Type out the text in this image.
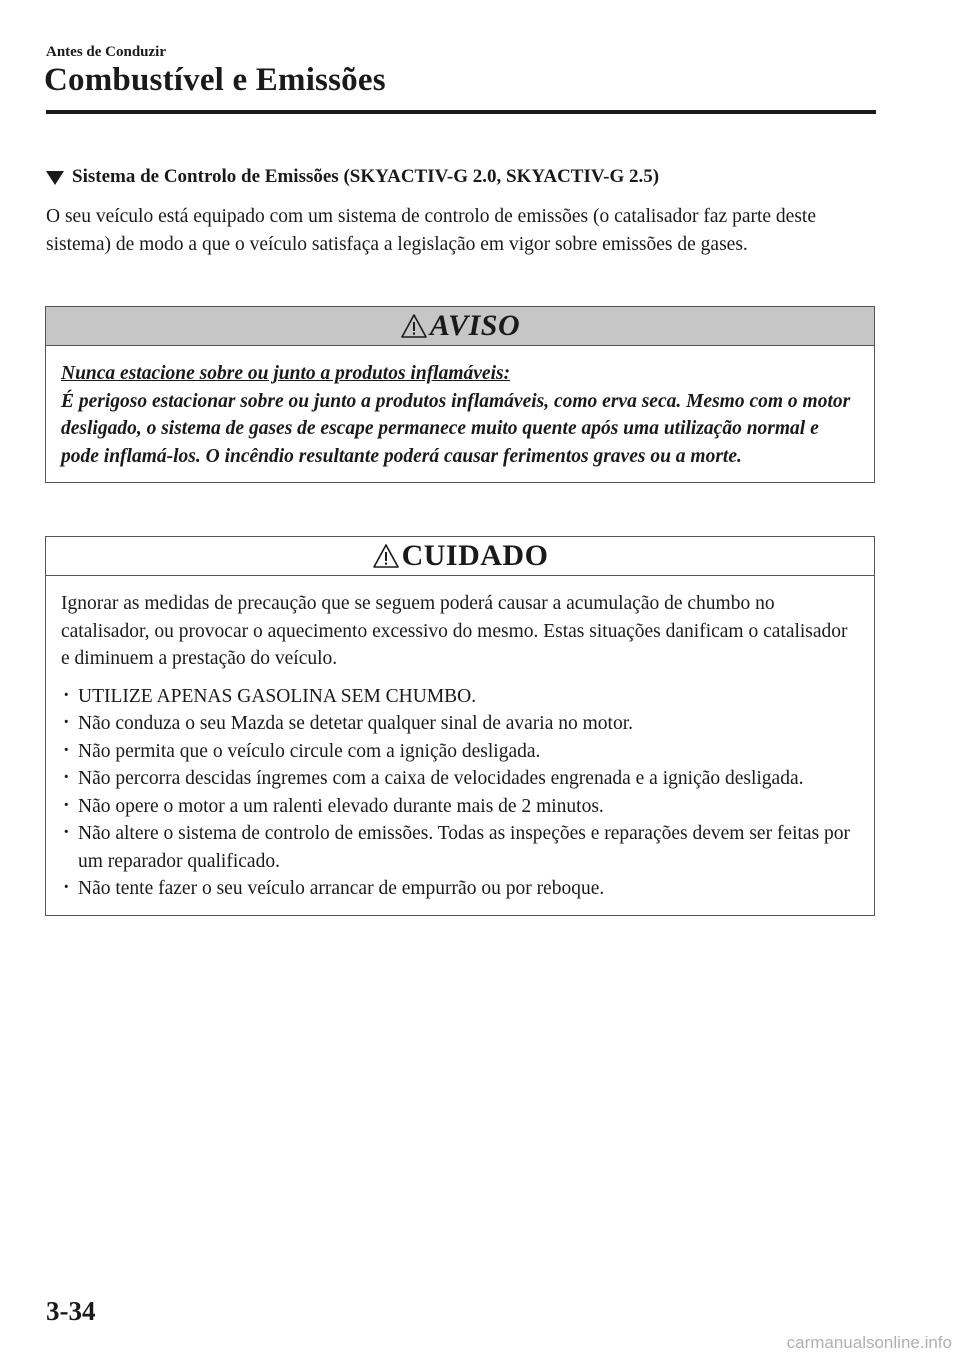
Antes de Conduzir
Combustível e Emissões
Sistema de Controlo de Emissões (SKYACTIV-G 2.0, SKYACTIV-G 2.5)
O seu veículo está equipado com um sistema de controlo de emissões (o catalisador faz parte deste sistema) de modo a que o veículo satisfaça a legislação em vigor sobre emissões de gases.
AVISO
Nunca estacione sobre ou junto a produtos inflamáveis:
É perigoso estacionar sobre ou junto a produtos inflamáveis, como erva seca. Mesmo com o motor desligado, o sistema de gases de escape permanece muito quente após uma utilização normal e pode inflamá-los. O incêndio resultante poderá causar ferimentos graves ou a morte.
CUIDADO
Ignorar as medidas de precaução que se seguem poderá causar a acumulação de chumbo no catalisador, ou provocar o aquecimento excessivo do mesmo. Estas situações danificam o catalisador e diminuem a prestação do veículo.
· UTILIZE APENAS GASOLINA SEM CHUMBO.
· Não conduza o seu Mazda se detetar qualquer sinal de avaria no motor.
· Não permita que o veículo circule com a ignição desligada.
· Não percorra descidas íngremes com a caixa de velocidades engrenada e a ignição desligada.
· Não opere o motor a um ralenti elevado durante mais de 2 minutos.
· Não altere o sistema de controlo de emissões. Todas as inspeções e reparações devem ser feitas por um reparador qualificado.
· Não tente fazer o seu veículo arrancar de empurrão ou por reboque.
3-34
carmanualsonline.info
